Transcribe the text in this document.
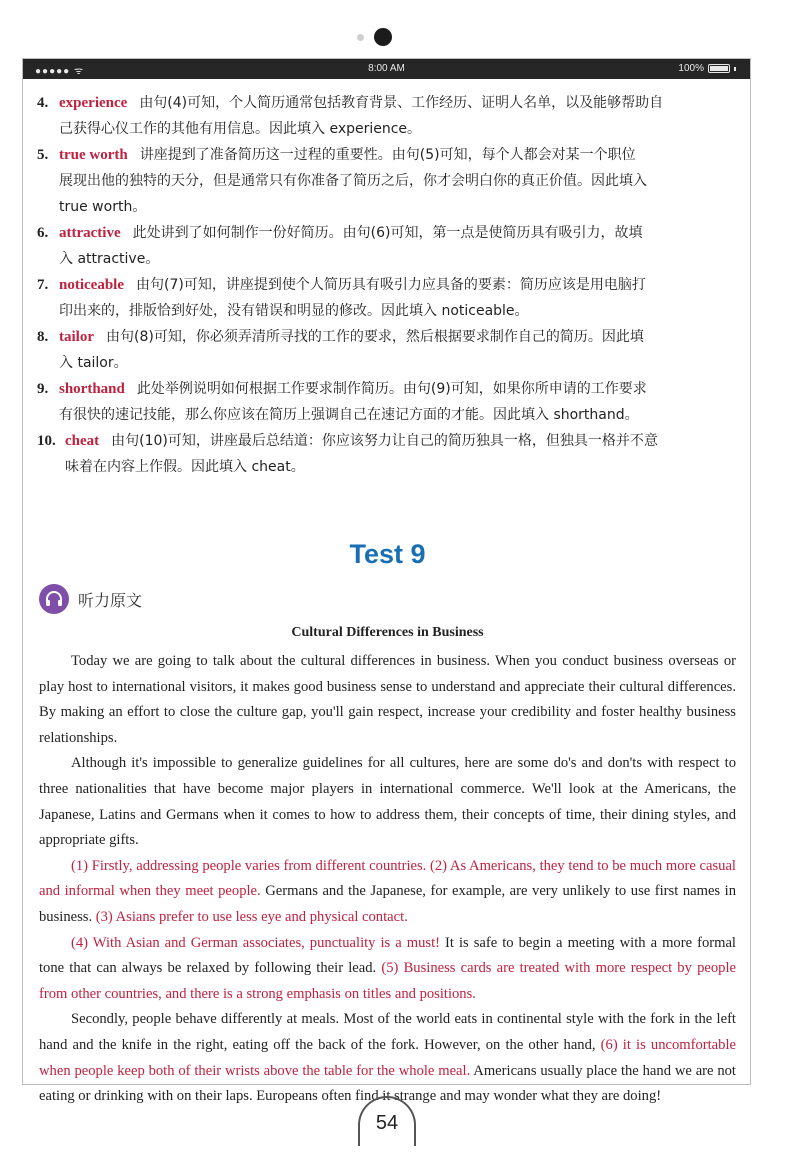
●●●●● ᯤ	8:00 AM	100%
4. experience 由句(4)可知，个人简历通常包括教育背景、工作经历、证明人名单，以及能够帮助自
己获得心仪工作的其他有用信息。因此填入 experience。
5. true worth 讲座提到了准备简历这一过程的重要性。由句(5)可知，每个人都会对某一个职位
展现出他的独特的天分，但是通常只有你准备了简历之后，你才会明白你的真正价值。因此填入
true worth。
6. attractive 此处讲到了如何制作一份好简历。由句(6)可知，第一点是使简历具有吸引力，故填
入 attractive。
7. noticeable 由句(7)可知，讲座提到使个人简历具有吸引力应具备的要素：简历应该是用电脑打
印出来的，排版恰到好处，没有错误和明显的修改。因此填入 noticeable。
8. tailor 由句(8)可知，你必须弄清所寻找的工作的要求，然后根据要求制作自己的简历。因此填
入 tailor。
9. shorthand 此处举例说明如何根据工作要求制作简历。由句(9)可知，如果你所申请的工作要求
有很快的速记技能，那么你应该在简历上强调自己在速记方面的才能。因此填入 shorthand。
10. cheat 由句(10)可知，讲座最后总结道：你应该努力让自己的简历独具一格，但独具一格并不意
味着在内容上作假。因此填入 cheat。
Test 9
听力原文
Cultural Differences in Business

Today we are going to talk about the cultural differences in business. When you conduct business overseas or play host to international visitors, it makes good business sense to understand and appreciate their cultural differences. By making an effort to close the culture gap, you'll gain respect, increase your credibility and foster healthy business relationships.

Although it's impossible to generalize guidelines for all cultures, here are some do's and don'ts with respect to three nationalities that have become major players in international commerce. We'll look at the Americans, the Japanese, Latins and Germans when it comes to how to address them, their concepts of time, their dining styles, and appropriate gifts.

(1) Firstly, addressing people varies from different countries. (2) As Americans, they tend to be much more casual and informal when they meet people. Germans and the Japanese, for example, are very unlikely to use first names in business. (3) Asians prefer to use less eye and physical contact.

(4) With Asian and German associates, punctuality is a must! It is safe to begin a meeting with a more formal tone that can always be relaxed by following their lead. (5) Business cards are treated with more respect by people from other countries, and there is a strong emphasis on titles and positions.

Secondly, people behave differently at meals. Most of the world eats in continental style with the fork in the left hand and the knife in the right, eating off the back of the fork. However, on the other hand, (6) it is uncomfortable when people keep both of their wrists above the table for the whole meal. Americans usually place the hand we are not eating or drinking with on their laps. Europeans often find it strange and may wonder what they are doing!

54
